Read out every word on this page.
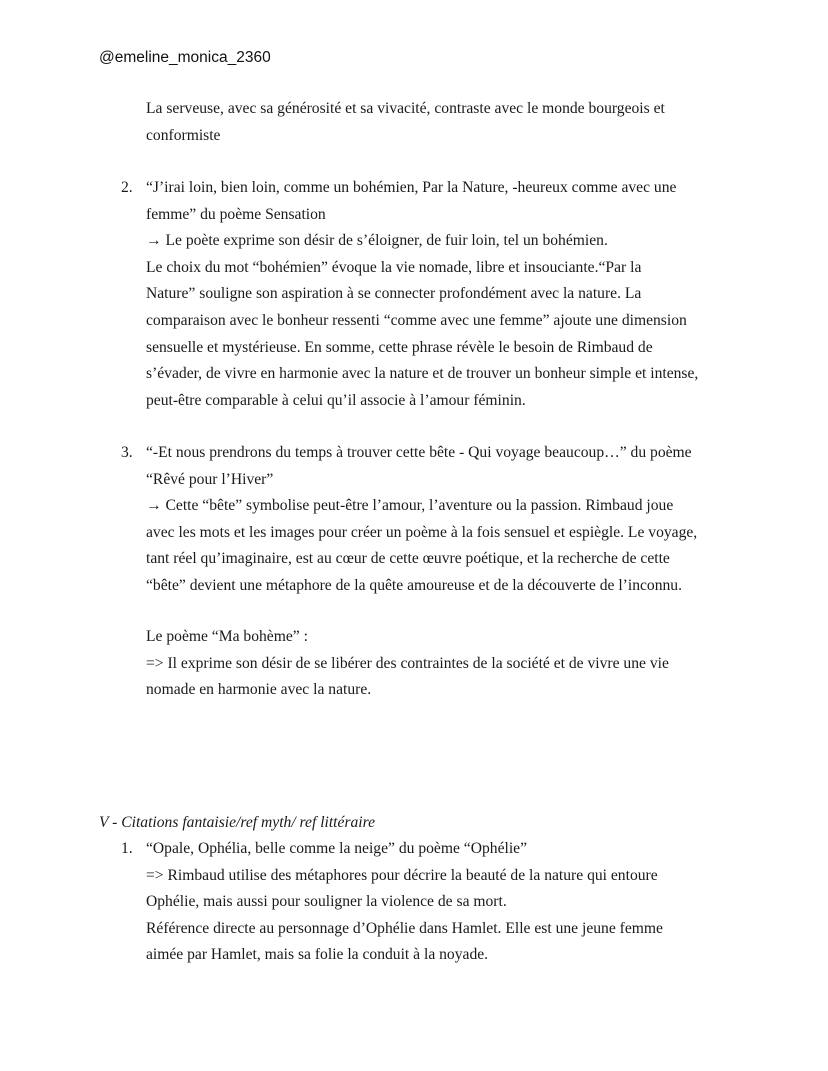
@emeline_monica_2360
La serveuse, avec sa générosité et sa vivacité, contraste avec le monde bourgeois et
conformiste
2. “J’irai loin, bien loin, comme un bohémien, Par la Nature, -heureux comme avec une
femme” du poème Sensation
→ Le poète exprime son désir de s’éloigner, de fuir loin, tel un bohémien.
Le choix du mot “bohémien” évoque la vie nomade, libre et insouciante.“Par la
Nature” souligne son aspiration à se connecter profondément avec la nature. La
comparaison avec le bonheur ressenti “comme avec une femme” ajoute une dimension
sensuelle et mystérieuse. En somme, cette phrase révèle le besoin de Rimbaud de
s’évader, de vivre en harmonie avec la nature et de trouver un bonheur simple et intense,
peut-être comparable à celui qu’il associe à l’amour féminin.
3. “-Et nous prendrons du temps à trouver cette bête - Qui voyage beaucoup…” du poème
“Rêvé pour l’Hiver”
→ Cette “bête” symbolise peut-être l’amour, l’aventure ou la passion. Rimbaud joue
avec les mots et les images pour créer un poème à la fois sensuel et espiègle. Le voyage,
tant réel qu’imaginaire, est au cœur de cette œuvre poétique, et la recherche de cette
“bête” devient une métaphore de la quête amoureuse et de la découverte de l’inconnu.
Le poème “Ma bohème” :
=> Il exprime son désir de se libérer des contraintes de la société et de vivre une vie
nomade en harmonie avec la nature.
V - Citations fantaisie/ref myth/ ref littéraire
1. “Opale, Ophélia, belle comme la neige” du poème “Ophélie”
=> Rimbaud utilise des métaphores pour décrire la beauté de la nature qui entoure
Ophélie, mais aussi pour souligner la violence de sa mort.
Référence directe au personnage d’Ophélie dans Hamlet. Elle est une jeune femme
aimée par Hamlet, mais sa folie la conduit à la noyade.
